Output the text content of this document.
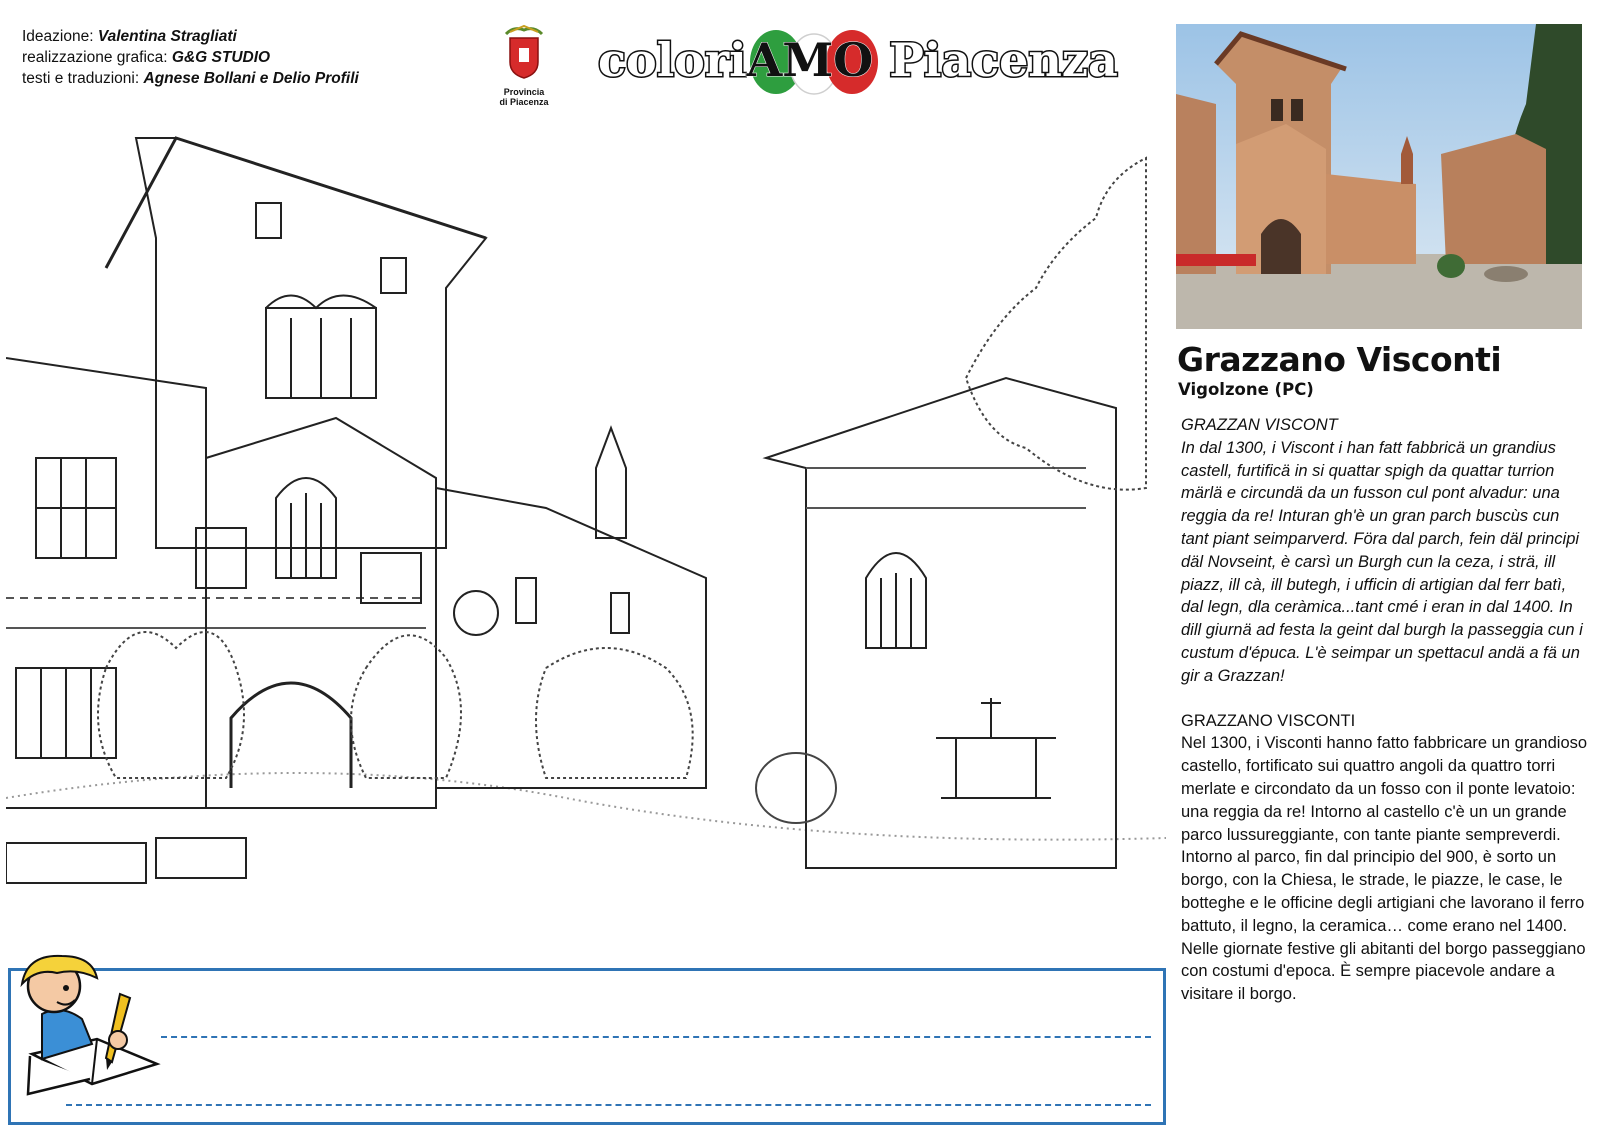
Ideazione: Valentina Stragliati
realizzazione grafica: G&G STUDIO
testi e traduzioni: Agnese Bollani e Delio Profili
Provincia
di Piacenza
coloriAMO Piacenza
Grazzano Visconti
Vigolzone (PC)

GRAZZAN VISCONT

In dal 1300, i Viscont i han fatt fabbricä un grandius castell, furtificä in si quattar spigh da quattar turrion märlä e circundä da un fusson cul pont alvadur: una reggia da re! Inturan gh'è un gran parch buscùs cun tant piant seimparverd. Föra dal parch, fein däl principi däl Novseint, è carsì un Burgh cun la ceza, i strä, ill piazz, ill cà, ill butegh, i ufficin di artigian dal ferr batì, dal legn, dla ceràmica...tant cmé i eran in dal 1400. In dill giurnä ad festa la geint dal burgh la passeggia cun i custum d'épuca. L'è seimpar un spettacul andä a fä un gir a Grazzan!

GRAZZANO VISCONTI

Nel 1300, i Visconti hanno fatto fabbricare un grandioso castello, fortificato sui quattro angoli da quattro torri merlate e circondato da un fosso con il ponte levatoio: una reggia da re! Intorno al castello c'è un un grande parco lussureggiante, con tante piante sempreverdi. Intorno al parco, fin dal principio del 900, è sorto un borgo, con la Chiesa, le strade, le piazze, le case, le botteghe e le officine degli artigiani che lavorano il ferro battuto, il legno, la ceramica… come erano nel 1400. Nelle giornate festive gli abitanti del borgo passeggiano con costumi d'epoca. È sempre piacevole andare a visitare il borgo.
